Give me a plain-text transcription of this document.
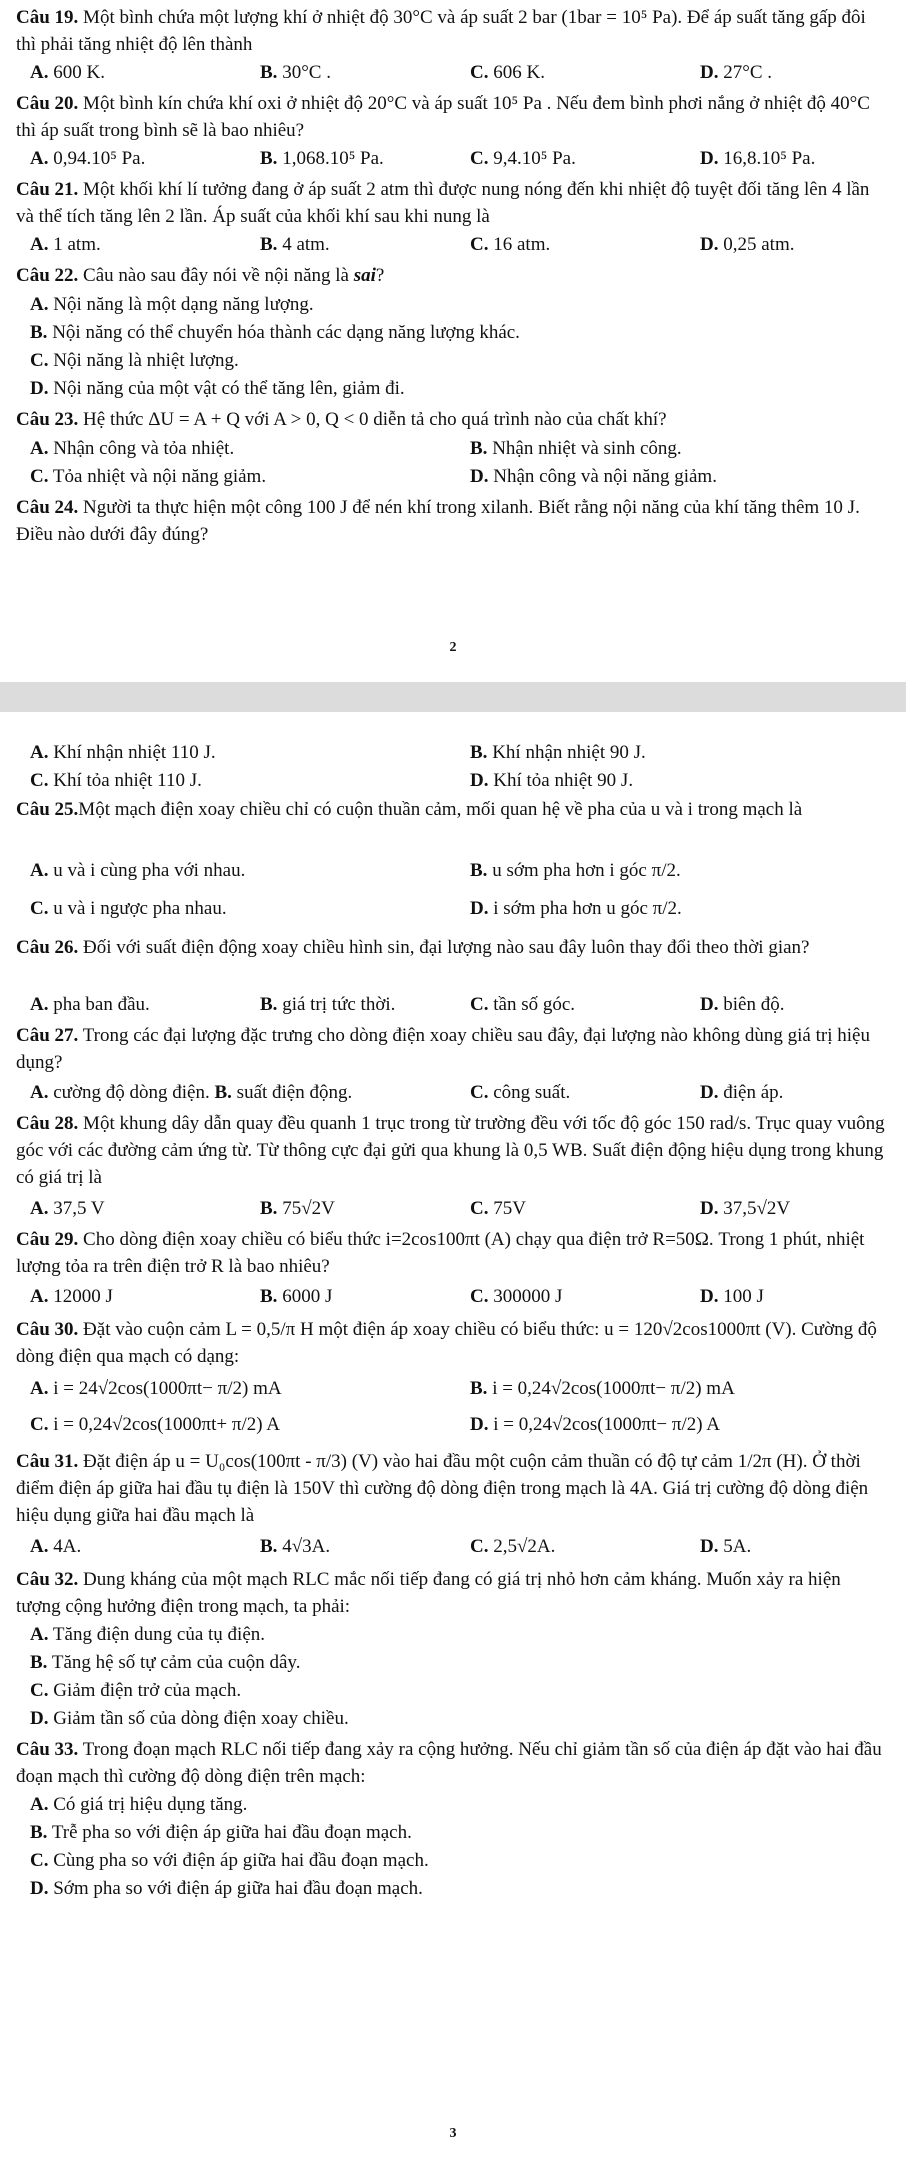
Câu 19. Một bình chứa một lượng khí ở nhiệt độ 30°C và áp suất 2 bar (1bar = 10⁵ Pa). Để áp suất tăng gấp đôi thì phải tăng nhiệt độ lên thành
A. 600 K.	B. 30°C .	C. 606 K.	D. 27°C .
Câu 20. Một bình kín chứa khí oxi ở nhiệt độ 20°C và áp suất 10⁵ Pa . Nếu đem bình phơi nắng ở nhiệt độ 40°C thì áp suất trong bình sẽ là bao nhiêu?
A. 0,94.10⁵ Pa.	B. 1,068.10⁵ Pa.	C. 9,4.10⁵ Pa.	D. 16,8.10⁵ Pa.
Câu 21. Một khối khí lí tưởng đang ở áp suất 2 atm thì được nung nóng đến khi nhiệt độ tuyệt đối tăng lên 4 lần và thể tích tăng lên 2 lần. Áp suất của khối khí sau khi nung là
A. 1 atm.	B. 4 atm.	C. 16 atm.	D. 0,25 atm.
Câu 22. Câu nào sau đây nói về nội năng là sai?
A. Nội năng là một dạng năng lượng.
B. Nội năng có thể chuyển hóa thành các dạng năng lượng khác.
C. Nội năng là nhiệt lượng.
D. Nội năng của một vật có thể tăng lên, giảm đi.
Câu 23. Hệ thức ΔU = A + Q với A > 0, Q < 0 diễn tả cho quá trình nào của chất khí?
A. Nhận công và tỏa nhiệt.	B. Nhận nhiệt và sinh công.
C. Tỏa nhiệt và nội năng giảm.	D. Nhận công và nội năng giảm.
Câu 24. Người ta thực hiện một công 100 J để nén khí trong xilanh. Biết rằng nội năng của khí tăng thêm 10 J. Điều nào dưới đây đúng?
2
A. Khí nhận nhiệt 110 J.	B. Khí nhận nhiệt 90 J.
C. Khí tỏa nhiệt 110 J.	D. Khí tỏa nhiệt 90 J.
Câu 25.Một mạch điện xoay chiều chỉ có cuộn thuần cảm, mối quan hệ về pha của u và i trong mạch là
A. u và i cùng pha với nhau.	B. u sớm pha hơn i góc π/2.
C. u và i ngược pha nhau.	D. i sớm pha hơn u góc π/2.
Câu 26. Đối với suất điện động xoay chiều hình sin, đại lượng nào sau đây luôn thay đổi theo thời gian?
A. pha ban đầu.	B. giá trị tức thời.	C. tần số góc.	D. biên độ.
Câu 27. Trong các đại lượng đặc trưng cho dòng điện xoay chiều sau đây, đại lượng nào không dùng giá trị hiệu dụng?
A. cường độ dòng điện. B. suất điện động.	C. công suất.	D. điện áp.
Câu 28. Một khung dây dẫn quay đều quanh 1 trục trong từ trường đều với tốc độ góc 150 rad/s. Trục quay vuông góc với các đường cảm ứng từ. Từ thông cực đại gửi qua khung là 0,5 WB. Suất điện động hiệu dụng trong khung có giá trị là
A. 37,5 V	B. 75√2V	C. 75V	D. 37,5√2V
Câu 29. Cho dòng điện xoay chiều có biểu thức i=2cos100πt (A) chạy qua điện trở R=50Ω. Trong 1 phút, nhiệt lượng tỏa ra trên điện trở R là bao nhiêu?
A. 12000 J	B. 6000 J	C. 300000 J	D. 100 J
Câu 30. Đặt vào cuộn cảm L = 0,5/π H một điện áp xoay chiều có biểu thức: u = 120√2cos1000πt (V). Cường độ dòng điện qua mạch có dạng:
A. i = 24√2cos(1000πt− π/2) mA	B. i = 0,24√2cos(1000πt− π/2) mA
C. i = 0,24√2cos(1000πt+ π/2) A	D. i = 0,24√2cos(1000πt− π/2) A
Câu 31. Đặt điện áp u = U₀cos(100πt - π/3) (V) vào hai đầu một cuộn cảm thuần có độ tự cảm 1/2π (H). Ở thời điểm điện áp giữa hai đầu tụ điện là 150V thì cường độ dòng điện trong mạch là 4A. Giá trị cường độ dòng điện hiệu dụng giữa hai đầu mạch là
A. 4A.	B. 4√3A.	C. 2,5√2A.	D. 5A.
Câu 32. Dung kháng của một mạch RLC mắc nối tiếp đang có giá trị nhỏ hơn cảm kháng. Muốn xảy ra hiện tượng cộng hưởng điện trong mạch, ta phải:
A. Tăng điện dung của tụ điện.
B. Tăng hệ số tự cảm của cuộn dây.
C. Giảm điện trở của mạch.
D. Giảm tần số của dòng điện xoay chiều.
Câu 33. Trong đoạn mạch RLC nối tiếp đang xảy ra cộng hưởng. Nếu chỉ giảm tần số của điện áp đặt vào hai đầu đoạn mạch thì cường độ dòng điện trên mạch:
A. Có giá trị hiệu dụng tăng.
B. Trễ pha so với điện áp giữa hai đầu đoạn mạch.
C. Cùng pha so với điện áp giữa hai đầu đoạn mạch.
D. Sớm pha so với điện áp giữa hai đầu đoạn mạch.
3
